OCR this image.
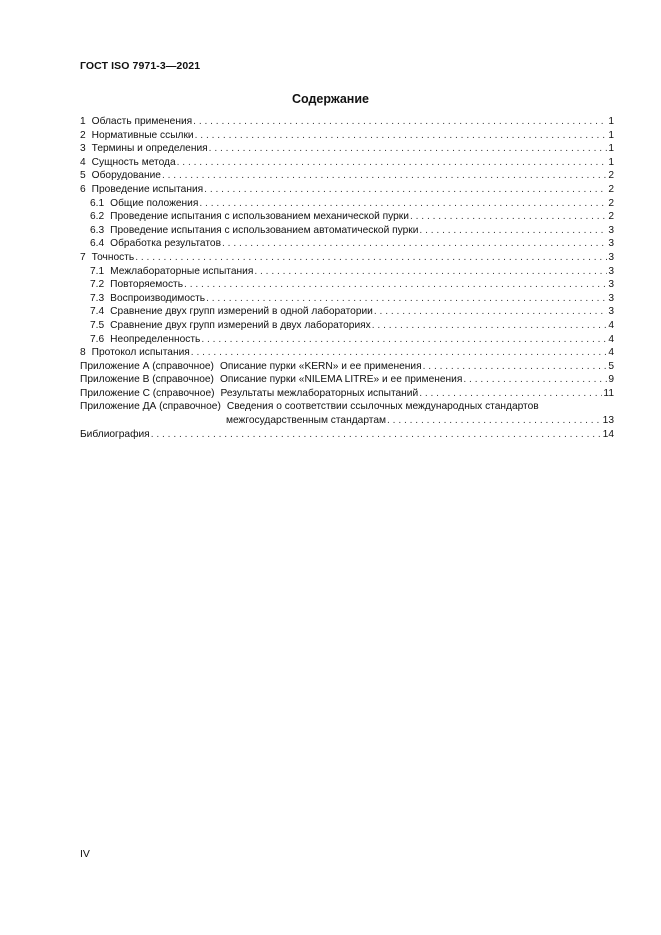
ГОСТ ISO 7971-3—2021
Содержание
1 Область применения . . .	1
2 Нормативные ссылки . . .	1
3 Термины и определения . . .	1
4 Сущность метода . . .	1
5 Оборудование . . .	2
6 Проведение испытания . . .	2
6.1 Общие положения . . .	2
6.2 Проведение испытания с использованием механической пурки . . .	2
6.3 Проведение испытания с использованием автоматической пурки . . .	3
6.4 Обработка результатов . . .	3
7 Точность . . .	3
7.1 Межлабораторные испытания . . .	3
7.2 Повторяемость . . .	3
7.3 Воспроизводимость . . .	3
7.4 Сравнение двух групп измерений в одной лаборатории . . .	3
7.5 Сравнение двух групп измерений в двух лабораториях . . .	4
7.6 Неопределенность . . .	4
8 Протокол испытания . . .	4
Приложение А (справочное) Описание пурки «KERN» и ее применения . . .	5
Приложение В (справочное) Описание пурки «NILEMA LITRE» и ее применения . . .	9
Приложение С (справочное) Результаты межлабораторных испытаний . . .	11
Приложение ДА (справочное) Сведения о соответствии ссылочных международных стандартов
межгосударственным стандартам . . .	13
Библиография . . .	14
IV
